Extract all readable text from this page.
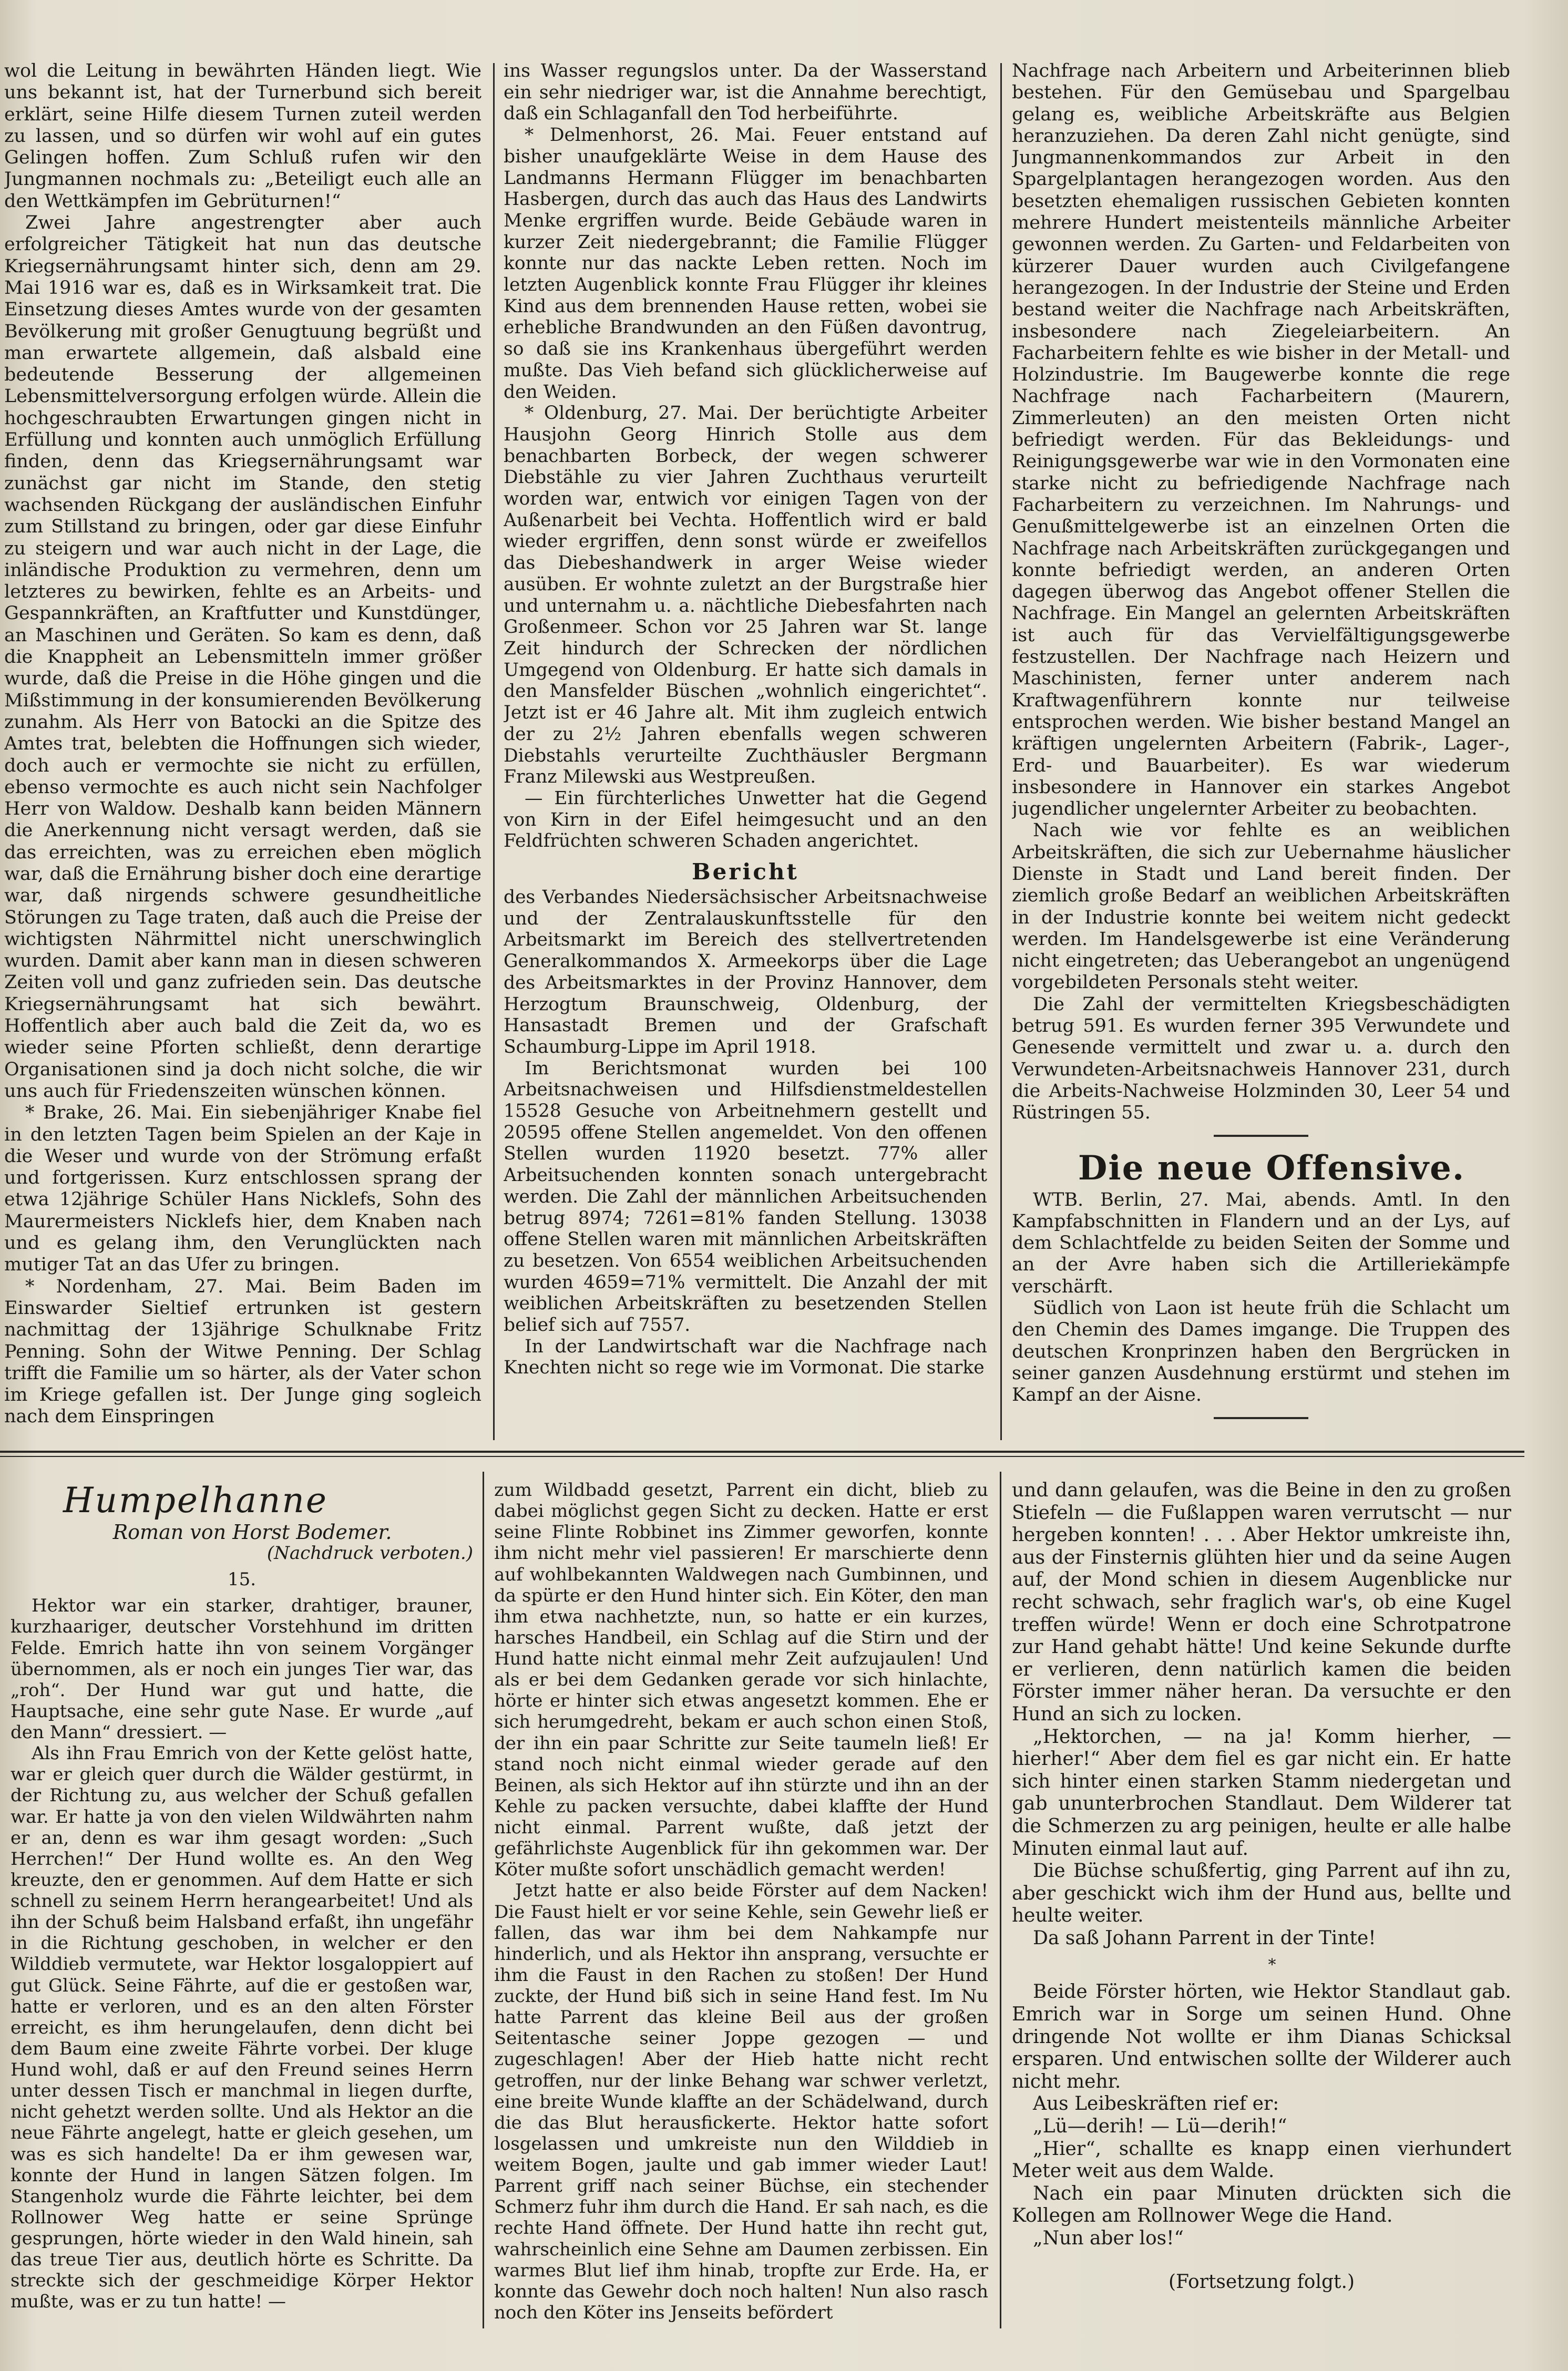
wol die Leitung in bewährten Händen liegt. Wie uns bekannt ist, hat der Turnerbund sich bereit erklärt, seine Hilfe diesem Turnen zuteil werden zu lassen, und so dürfen wir wohl auf ein gutes Gelingen hoffen. Zum Schluß rufen wir den Jungmannen nochmals zu: „Beteiligt euch alle an den Wettkämpfen im Gebrüturnen!“

Zwei Jahre angestrengter aber auch erfolgreicher Tätigkeit hat nun das deutsche Kriegsernährungsamt hinter sich, denn am 29. Mai 1916 war es, daß es in Wirksamkeit trat. Die Einsetzung dieses Amtes wurde von der gesamten Bevölkerung mit großer Genugtuung begrüßt und man erwartete allgemein, daß alsbald eine bedeutende Besserung der allgemeinen Lebensmittelversorgung erfolgen würde. Allein die hochgeschraubten Erwartungen gingen nicht in Erfüllung und konnten auch unmöglich Erfüllung finden, denn das Kriegsernährungsamt war zunächst gar nicht im Stande, den stetig wachsenden Rückgang der ausländischen Einfuhr zum Stillstand zu bringen, oder gar diese Einfuhr zu steigern und war auch nicht in der Lage, die inländische Produktion zu vermehren, denn um letzteres zu bewirken, fehlte es an Arbeits- und Gespannkräften, an Kraftfutter und Kunstdünger, an Maschinen und Geräten. So kam es denn, daß die Knappheit an Lebensmitteln immer größer wurde, daß die Preise in die Höhe gingen und die Mißstimmung in der konsumierenden Bevölkerung zunahm. Als Herr von Batocki an die Spitze des Amtes trat, belebten die Hoffnungen sich wieder, doch auch er vermochte sie nicht zu erfüllen, ebenso vermochte es auch nicht sein Nachfolger Herr von Waldow. Deshalb kann beiden Männern die Anerkennung nicht versagt werden, daß sie das erreichten, was zu erreichen eben möglich war, daß die Ernährung bisher doch eine derartige war, daß nirgends schwere gesundheitliche Störungen zu Tage traten, daß auch die Preise der wichtigsten Nährmittel nicht unerschwinglich wurden. Damit aber kann man in diesen schweren Zeiten voll und ganz zufrieden sein. Das deutsche Kriegsernährungsamt hat sich bewährt. Hoffentlich aber auch bald die Zeit da, wo es wieder seine Pforten schließt, denn derartige Organisationen sind ja doch nicht solche, die wir uns auch für Friedenszeiten wünschen können.

* Brake, 26. Mai. Ein siebenjähriger Knabe fiel in den letzten Tagen beim Spielen an der Kaje in die Weser und wurde von der Strömung erfaßt und fortgerissen. Kurz entschlossen sprang der etwa 12jährige Schüler Hans Nicklefs, Sohn des Maurermeisters Nicklefs hier, dem Knaben nach und es gelang ihm, den Verunglückten nach mutiger Tat an das Ufer zu bringen.

* Nordenham, 27. Mai. Beim Baden im Einswarder Sieltief ertrunken ist gestern nachmittag der 13jährige Schulknabe Fritz Penning. Sohn der Witwe Penning. Der Schlag trifft die Familie um so härter, als der Vater schon im Kriege gefallen ist. Der Junge ging sogleich nach dem Einspringen

ins Wasser regungslos unter. Da der Wasserstand ein sehr niedriger war, ist die Annahme berechtigt, daß ein Schlaganfall den Tod herbeiführte.

* Delmenhorst, 26. Mai. Feuer entstand auf bisher unaufgeklärte Weise in dem Hause des Landmanns Hermann Flügger im benachbarten Hasbergen, durch das auch das Haus des Landwirts Menke ergriffen wurde. Beide Gebäude waren in kurzer Zeit niedergebrannt; die Familie Flügger konnte nur das nackte Leben retten. Noch im letzten Augenblick konnte Frau Flügger ihr kleines Kind aus dem brennenden Hause retten, wobei sie erhebliche Brandwunden an den Füßen davontrug, so daß sie ins Krankenhaus übergeführt werden mußte. Das Vieh befand sich glücklicherweise auf den Weiden.

* Oldenburg, 27. Mai. Der berüchtigte Arbeiter Hausjohn Georg Hinrich Stolle aus dem benachbarten Borbeck, der wegen schwerer Diebstähle zu vier Jahren Zuchthaus verurteilt worden war, entwich vor einigen Tagen von der Außenarbeit bei Vechta. Hoffentlich wird er bald wieder ergriffen, denn sonst würde er zweifellos das Diebeshandwerk in arger Weise wieder ausüben. Er wohnte zuletzt an der Burgstraße hier und unternahm u. a. nächtliche Diebesfahrten nach Großenmeer. Schon vor 25 Jahren war St. lange Zeit hindurch der Schrecken der nördlichen Umgegend von Oldenburg. Er hatte sich damals in den Mansfelder Büschen „wohnlich eingerichtet“. Jetzt ist er 46 Jahre alt. Mit ihm zugleich entwich der zu 2½ Jahren ebenfalls wegen schweren Diebstahls verurteilte Zuchthäusler Bergmann Franz Milewski aus Westpreußen.

— Ein fürchterliches Unwetter hat die Gegend von Kirn in der Eifel heimgesucht und an den Feldfrüchten schweren Schaden angerichtet.

Bericht

des Verbandes Niedersächsischer Arbeitsnachweise und der Zentralauskunftsstelle für den Arbeitsmarkt im Bereich des stellvertretenden Generalkommandos X. Armeekorps über die Lage des Arbeitsmarktes in der Provinz Hannover, dem Herzogtum Braunschweig, Oldenburg, der Hansastadt Bremen und der Grafschaft Schaumburg-Lippe im April 1918.

Im Berichtsmonat wurden bei 100 Arbeitsnachweisen und Hilfsdienstmeldestellen 15528 Gesuche von Arbeitnehmern gestellt und 20595 offene Stellen angemeldet. Von den offenen Stellen wurden 11920 besetzt. 77% aller Arbeitsuchenden konnten sonach untergebracht werden. Die Zahl der männlichen Arbeitsuchenden betrug 8974; 7261=81% fanden Stellung. 13038 offene Stellen waren mit männlichen Arbeitskräften zu besetzen. Von 6554 weiblichen Arbeitsuchenden wurden 4659=71% vermittelt. Die Anzahl der mit weiblichen Arbeitskräften zu besetzenden Stellen belief sich auf 7557.

In der Landwirtschaft war die Nachfrage nach Knechten nicht so rege wie im Vormonat. Die starke

Nachfrage nach Arbeitern und Arbeiterinnen blieb bestehen. Für den Gemüsebau und Spargelbau gelang es, weibliche Arbeitskräfte aus Belgien heranzuziehen. Da deren Zahl nicht genügte, sind Jungmannenkommandos zur Arbeit in den Spargelplantagen herangezogen worden. Aus den besetzten ehemaligen russischen Gebieten konnten mehrere Hundert meistenteils männliche Arbeiter gewonnen werden. Zu Garten- und Feldarbeiten von kürzerer Dauer wurden auch Civilgefangene herangezogen. In der Industrie der Steine und Erden bestand weiter die Nachfrage nach Arbeitskräften, insbesondere nach Ziegeleiarbeitern. An Facharbeitern fehlte es wie bisher in der Metall- und Holzindustrie. Im Baugewerbe konnte die rege Nachfrage nach Facharbeitern (Maurern, Zimmerleuten) an den meisten Orten nicht befriedigt werden. Für das Bekleidungs- und Reinigungsgewerbe war wie in den Vormonaten eine starke nicht zu befriedigende Nachfrage nach Facharbeitern zu verzeichnen. Im Nahrungs- und Genußmittelgewerbe ist an einzelnen Orten die Nachfrage nach Arbeitskräften zurückgegangen und konnte befriedigt werden, an anderen Orten dagegen überwog das Angebot offener Stellen die Nachfrage. Ein Mangel an gelernten Arbeitskräften ist auch für das Vervielfältigungsgewerbe festzustellen. Der Nachfrage nach Heizern und Maschinisten, ferner unter anderem nach Kraftwagenführern konnte nur teilweise entsprochen werden. Wie bisher bestand Mangel an kräftigen ungelernten Arbeitern (Fabrik-, Lager-, Erd- und Bauarbeiter). Es war wiederum insbesondere in Hannover ein starkes Angebot jugendlicher ungelernter Arbeiter zu beobachten.

Nach wie vor fehlte es an weiblichen Arbeitskräften, die sich zur Uebernahme häuslicher Dienste in Stadt und Land bereit finden. Der ziemlich große Bedarf an weiblichen Arbeitskräften in der Industrie konnte bei weitem nicht gedeckt werden. Im Handelsgewerbe ist eine Veränderung nicht eingetreten; das Ueberangebot an ungenügend vorgebildeten Personals steht weiter.

Die Zahl der vermittelten Kriegsbeschädigten betrug 591. Es wurden ferner 395 Verwundete und Genesende vermittelt und zwar u. a. durch den Verwundeten-Arbeitsnachweis Hannover 231, durch die Arbeits-Nachweise Holzminden 30, Leer 54 und Rüstringen 55.

Die neue Offensive.

WTB. Berlin, 27. Mai, abends. Amtl. In den Kampfabschnitten in Flandern und an der Lys, auf dem Schlachtfelde zu beiden Seiten der Somme und an der Avre haben sich die Artilleriekämpfe verschärft.

Südlich von Laon ist heute früh die Schlacht um den Chemin des Dames imgange. Die Truppen des deutschen Kronprinzen haben den Bergrücken in seiner ganzen Ausdehnung erstürmt und stehen im Kampf an der Aisne.

Humpelhanne

Roman von Horst Bodemer.

(Nachdruck verboten.)

15.

Hektor war ein starker, drahtiger, brauner, kurzhaariger, deutscher Vorstehhund im dritten Felde. Emrich hatte ihn von seinem Vorgänger übernommen, als er noch ein junges Tier war, das „roh“. Der Hund war gut und hatte, die Hauptsache, eine sehr gute Nase. Er wurde „auf den Mann“ dressiert. —

Als ihn Frau Emrich von der Kette gelöst hatte, war er gleich quer durch die Wälder gestürmt, in der Richtung zu, aus welcher der Schuß gefallen war. Er hatte ja von den vielen Wildwährten nahm er an, denn es war ihm gesagt worden: „Such Herrchen!“ Der Hund wollte es. An den Weg kreuzte, den er genommen. Auf dem Hatte er sich schnell zu seinem Herrn herangearbeitet! Und als ihn der Schuß beim Halsband erfaßt, ihn ungefähr in die Richtung geschoben, in welcher er den Wilddieb vermutete, war Hektor losgaloppiert auf gut Glück. Seine Fährte, auf die er gestoßen war, hatte er verloren, und es an den alten Förster erreicht, es ihm herungelaufen, denn dicht bei dem Baum eine zweite Fährte vorbei. Der kluge Hund wohl, daß er auf den Freund seines Herrn unter dessen Tisch er manchmal in liegen durfte, nicht gehetzt werden sollte. Und als Hektor an die neue Fährte angelegt, hatte er gleich gesehen, um was es sich handelte! Da er ihm gewesen war, konnte der Hund in langen Sätzen folgen. Im Stangenholz wurde die Fährte leichter, bei dem Rollnower Weg hatte er seine Sprünge gesprungen, hörte wieder in den Wald hinein, sah das treue Tier aus, deutlich hörte es Schritte. Da streckte sich der geschmeidige Körper Hektor mußte, was er zu tun hatte! —

zum Wildbadd gesetzt, Parrent ein dicht, blieb zu dabei möglichst gegen Sicht zu decken. Hatte er erst seine Flinte Robbinet ins Zimmer geworfen, konnte ihm nicht mehr viel passieren! Er marschierte denn auf wohlbekannten Waldwegen nach Gumbinnen, und da spürte er den Hund hinter sich. Ein Köter, den man ihm etwa nachhetzte, nun, so hatte er ein kurzes, harsches Handbeil, ein Schlag auf die Stirn und der Hund hatte nicht einmal mehr Zeit aufzujaulen! Und als er bei dem Gedanken gerade vor sich hinlachte, hörte er hinter sich etwas angesetzt kommen. Ehe er sich herumgedreht, bekam er auch schon einen Stoß, der ihn ein paar Schritte zur Seite taumeln ließ! Er stand noch nicht einmal wieder gerade auf den Beinen, als sich Hektor auf ihn stürzte und ihn an der Kehle zu packen versuchte, dabei klaffte der Hund nicht einmal. Parrent wußte, daß jetzt der gefährlichste Augenblick für ihn gekommen war. Der Köter mußte sofort unschädlich gemacht werden!

Jetzt hatte er also beide Förster auf dem Nacken! Die Faust hielt er vor seine Kehle, sein Gewehr ließ er fallen, das war ihm bei dem Nahkampfe nur hinderlich, und als Hektor ihn ansprang, versuchte er ihm die Faust in den Rachen zu stoßen! Der Hund zuckte, der Hund biß sich in seine Hand fest. Im Nu hatte Parrent das kleine Beil aus der großen Seitentasche seiner Joppe gezogen — und zugeschlagen! Aber der Hieb hatte nicht recht getroffen, nur der linke Behang war schwer verletzt, eine breite Wunde klaffte an der Schädelwand, durch die das Blut herausfickerte. Hektor hatte sofort losgelassen und umkreiste nun den Wilddieb in weitem Bogen, jaulte und gab immer wieder Laut! Parrent griff nach seiner Büchse, ein stechender Schmerz fuhr ihm durch die Hand. Er sah nach, es die rechte Hand öffnete. Der Hund hatte ihn recht gut, wahrscheinlich eine Sehne am Daumen zerbissen. Ein warmes Blut lief ihm hinab, tropfte zur Erde. Ha, er konnte das Gewehr doch noch halten! Nun also rasch noch den Köter ins Jenseits befördert

und dann gelaufen, was die Beine in den zu großen Stiefeln — die Fußlappen waren verrutscht — nur hergeben konnten! . . . Aber Hektor umkreiste ihn, aus der Finsternis glühten hier und da seine Augen auf, der Mond schien in diesem Augenblicke nur recht schwach, sehr fraglich war's, ob eine Kugel treffen würde! Wenn er doch eine Schrotpatrone zur Hand gehabt hätte! Und keine Sekunde durfte er verlieren, denn natürlich kamen die beiden Förster immer näher heran. Da versuchte er den Hund an sich zu locken.

„Hektorchen, — na ja! Komm hierher, — hierher!“ Aber dem fiel es gar nicht ein. Er hatte sich hinter einen starken Stamm niedergetan und gab ununterbrochen Standlaut. Dem Wilderer tat die Schmerzen zu arg peinigen, heulte er alle halbe Minuten einmal laut auf.

Die Büchse schußfertig, ging Parrent auf ihn zu, aber geschickt wich ihm der Hund aus, bellte und heulte weiter.

Da saß Johann Parrent in der Tinte!

*

Beide Förster hörten, wie Hektor Standlaut gab. Emrich war in Sorge um seinen Hund. Ohne dringende Not wollte er ihm Dianas Schicksal ersparen. Und entwischen sollte der Wilderer auch nicht mehr.

Aus Leibeskräften rief er:

„Lü—derih! — Lü—derih!“

„Hier“, schallte es knapp einen vierhundert Meter weit aus dem Walde.

Nach ein paar Minuten drückten sich die Kollegen am Rollnower Wege die Hand.

„Nun aber los!“

(Fortsetzung folgt.)
